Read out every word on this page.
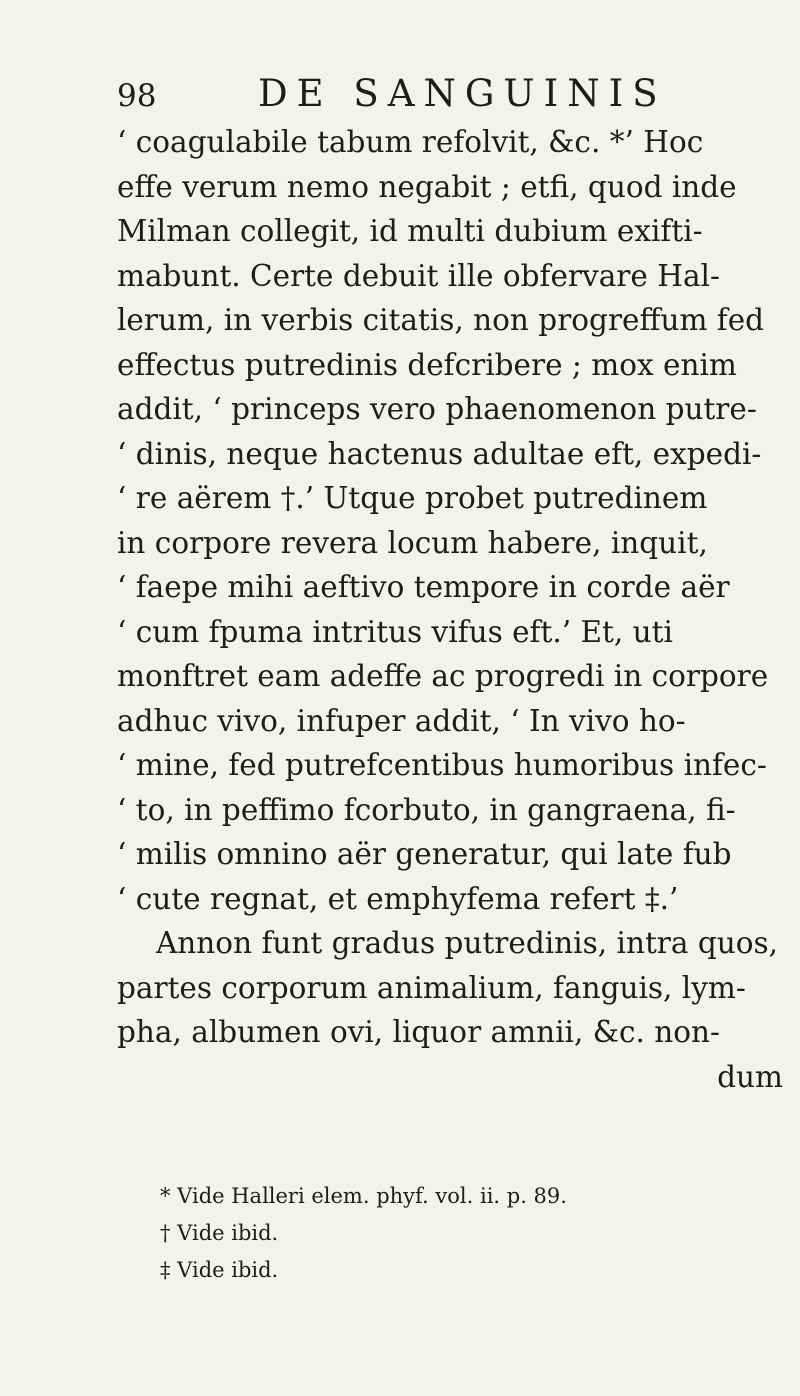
98	DE SANGUINIS
‘ coagulabile tabum refolvit, &c. *’ Hoc
effe verum nemo negabit ; etfi, quod inde
Milman collegit, id multi dubium exifti-
mabunt. Certe debuit ille obfervare Hal-
lerum, in verbis citatis, non progreffum fed
effectus putredinis defcribere ; mox enim
addit, ‘ princeps vero phaenomenon putre-
‘ dinis, neque hactenus adultae eft, expedi-
‘ re aërem †.’ Utque probet putredinem
in corpore revera locum habere, inquit,
‘ faepe mihi aeftivo tempore in corde aër
‘ cum fpuma intritus vifus eft.’ Et, uti
monftret eam adeffe ac progredi in corpore
adhuc vivo, infuper addit, ‘ In vivo ho-
‘ mine, fed putrefcentibus humoribus infec-
‘ to, in peffimo fcorbuto, in gangraena, fi-
‘ milis omnino aër generatur, qui late fub
‘ cute regnat, et emphyfema refert ‡.’
Annon funt gradus putredinis, intra quos,
partes corporum animalium, fanguis, lym-
pha, albumen ovi, liquor amnii, &c. non-
dum
* Vide Halleri elem. phyf. vol. ii. p. 89.
† Vide ibid.
‡ Vide ibid.
